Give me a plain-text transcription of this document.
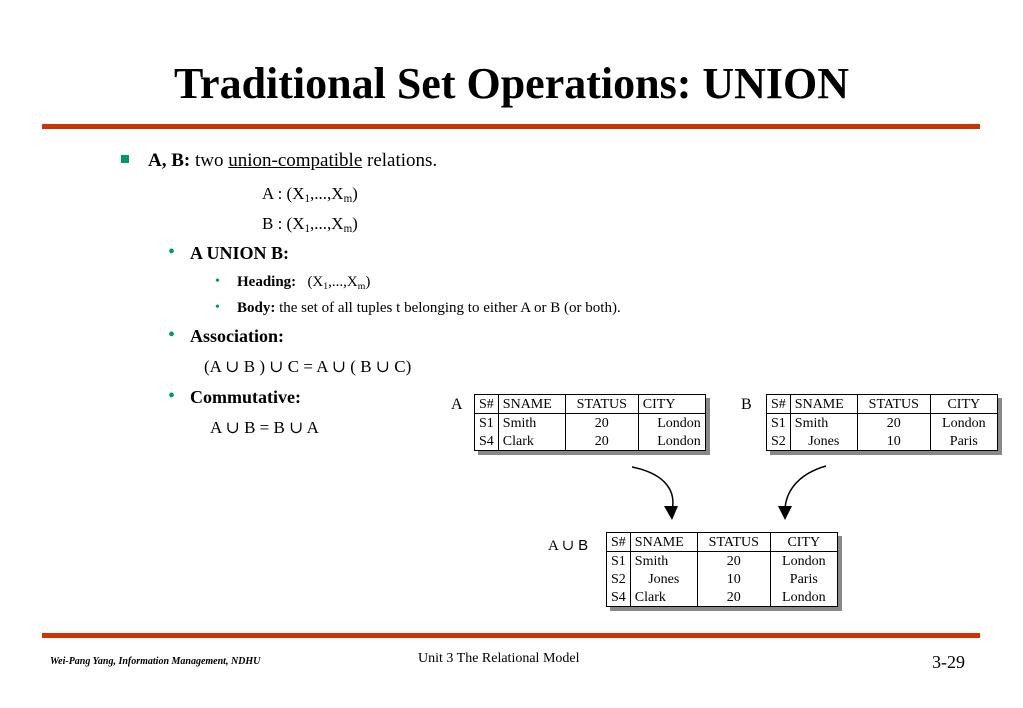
Traditional Set Operations: UNION
A, B: two union-compatible relations.
A : $(X_1,...,X_m)$
B : $(X_1,...,X_m)$
• A UNION B:
• Heading: $(X_1,...,X_m)$
• Body: the set of all tuples t belonging to either A or B (or both).
• Association:
(A ∪ B ) ∪ C = A ∪ ( B ∪ C)
• Commutative:
A ∪ B = B ∪ A
A	B
A ∪ B
S#	SNAME	STATUS	CITY
S1	Smith	20	London
S4	Clark	20	London
S#	SNAME	STATUS	CITY
S1	Smith	20	London
S2	Jones	10	Paris
S#	SNAME	STATUS	CITY
S1	Smith	20	London
S2	Jones	10	Paris
S4	Clark	20	London
Wei-Pang Yang, Information Management, NDHU	Unit 3 The Relational Model	3-29
